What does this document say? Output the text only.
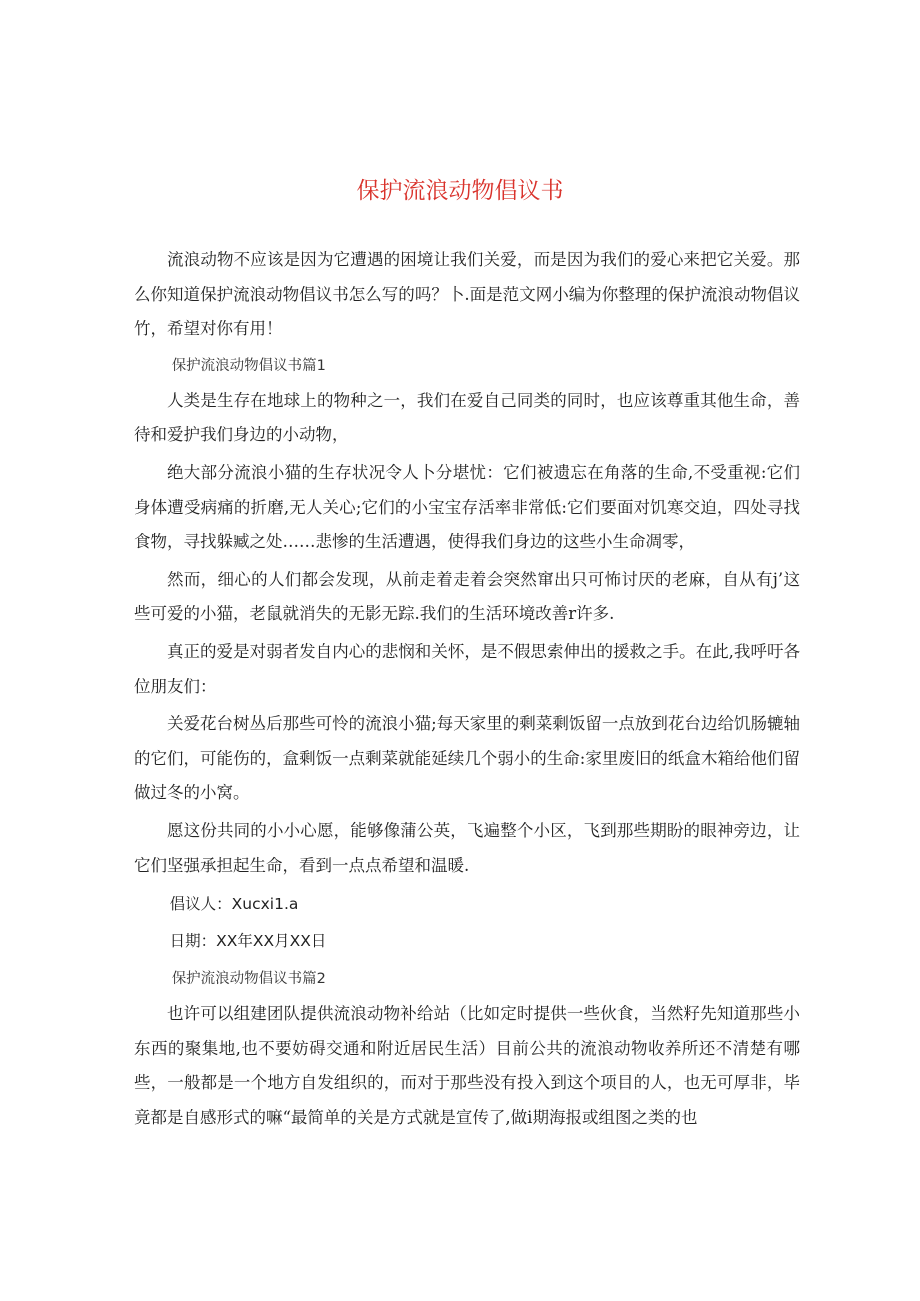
保护流浪动物倡议书

流浪动物不应该是因为它遭遇的困境让我们关爱，而是因为我们的爱心来把它关爱。那么你知道保护流浪动物倡议书怎么写的吗？卜.面是范文网小编为你整理的保护流浪动物倡议竹，希望对你有用！

保护流浪动物倡议书篇1

人类是生存在地球上的物种之一，我们在爱自己同类的同时，也应该尊重其他生命，善待和爱护我们身边的小动物，

绝大部分流浪小猫的生存状况令人卜分堪忧：它们被遗忘在角落的生命,不受重视:它们身体遭受病痛的折磨,无人关心;它们的小宝宝存活率非常低:它们要面对饥寒交迫，四处寻找食物，寻找躲臧之处……悲惨的生活遭遇，使得我们身边的这些小生命凋零，

然而，细心的人们都会发现，从前走着走着会突然窜出只可怖讨厌的老麻，自从有j’这些可爱的小猫，老鼠就消失的无影无踪.我们的生活环境改善r许多.

真正的爱是对弱者发自内心的悲悯和关怀，是不假思索伸出的援救之手。在此,我呼吁各位朋友们：

关爱花台树丛后那些可怜的流浪小猫;每天家里的剩菜剩饭留一点放到花台边给饥肠辘轴的它们，可能伤的，盒剩饭一点剩菜就能延续几个弱小的生命:家里废旧的纸盒木箱给他们留做过冬的小窝。

愿这份共同的小小心愿，能够像蒲公英，飞遍整个小区，飞到那些期盼的眼神旁边，让它们坚强承担起生命，看到一点点希望和温暖.

倡议人：Xucxi1.a

日期：XX年XX月XX日

保护流浪动物倡议书篇2

也许可以组建团队提供流浪动物补给站（比如定时提供一些伙食，当然籽先知道那些小东西的聚集地,也不要妨碍交通和附近居民生活）目前公共的流浪动物收养所还不清楚有哪些，一般都是一个地方自发组织的，而对于那些没有投入到这个项目的人，也无可厚非，毕竟都是自感形式的嘛“最简单的关是方式就是宣传了,做i期海报或组图之类的也
